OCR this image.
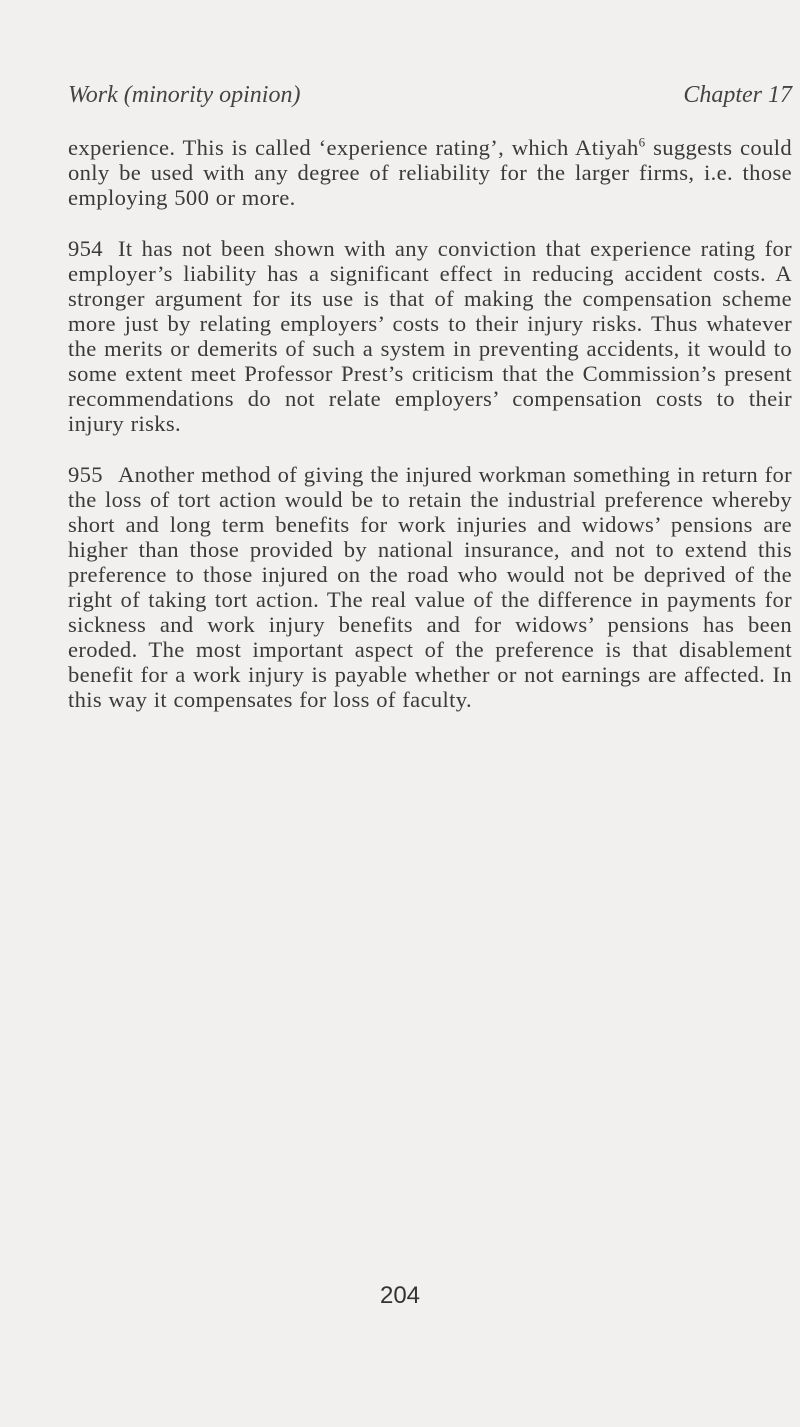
Work (minority opinion)	Chapter 17

experience. This is called ‘experience rating’, which Atiyah$^6$ suggests could only be used with any degree of reliability for the larger firms, i.e. those employing 500 or more.

954 It has not been shown with any conviction that experience rating for employer’s liability has a significant effect in reducing accident costs. A stronger argument for its use is that of making the compensation scheme more just by relating employers’ costs to their injury risks. Thus whatever the merits or demerits of such a system in preventing accidents, it would to some extent meet Professor Prest’s criticism that the Commission’s present recommendations do not relate employers’ compensation costs to their injury risks.

955 Another method of giving the injured workman something in return for the loss of tort action would be to retain the industrial preference whereby short and long term benefits for work injuries and widows’ pensions are higher than those provided by national insurance, and not to extend this preference to those injured on the road who would not be deprived of the right of taking tort action. The real value of the difference in payments for sickness and work injury benefits and for widows’ pensions has been eroded. The most important aspect of the preference is that disablement benefit for a work injury is payable whether or not earnings are affected. In this way it compensates for loss of faculty.

204
